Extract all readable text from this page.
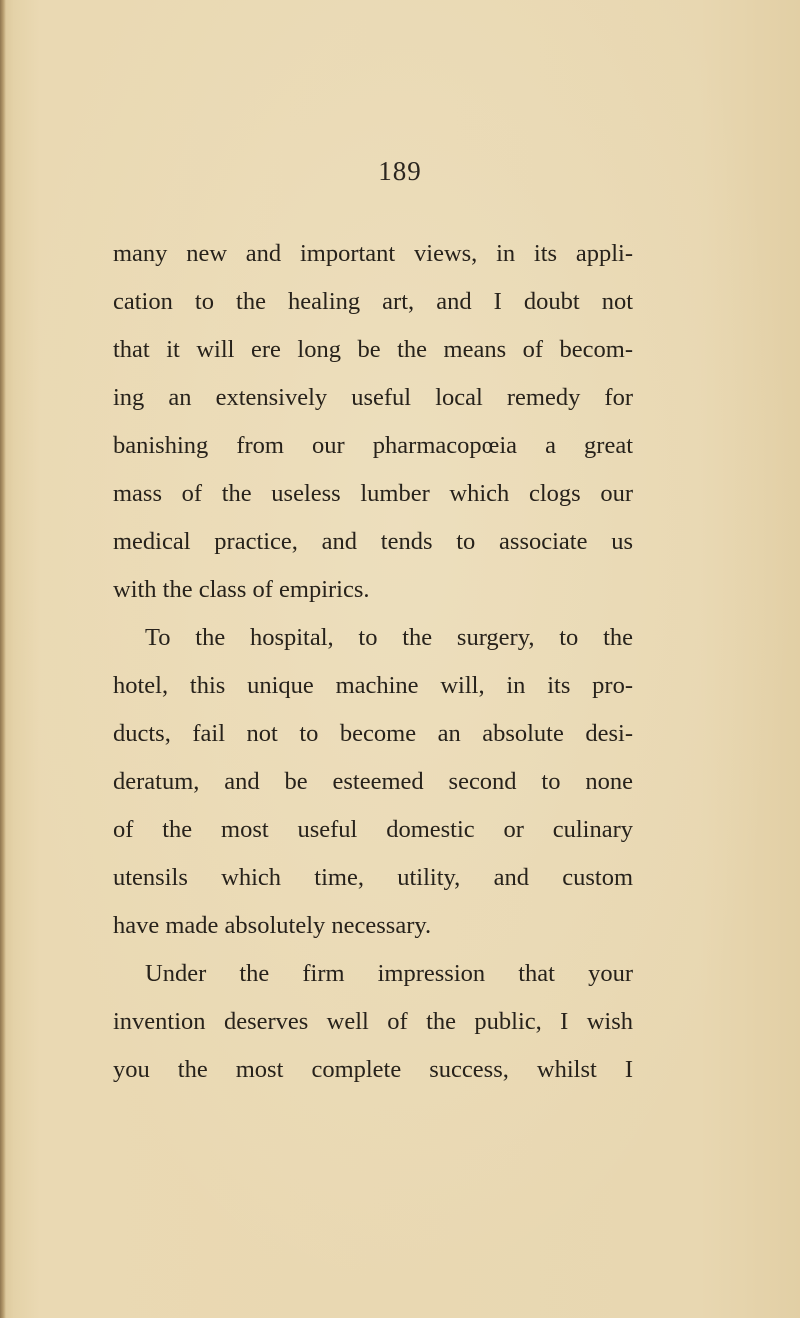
189
many new and important views, in its appli-
cation to the healing art, and I doubt not
that it will ere long be the means of becom-
ing an extensively useful local remedy for
banishing from our pharmacopœia a great
mass of the useless lumber which clogs our
medical practice, and tends to associate us
with the class of empirics.
To the hospital, to the surgery, to the
hotel, this unique machine will, in its pro-
ducts, fail not to become an absolute desi-
deratum, and be esteemed second to none
of the most useful domestic or culinary
utensils which time, utility, and custom
have made absolutely necessary.
Under the firm impression that your
invention deserves well of the public, I wish
you the most complete success, whilst I
